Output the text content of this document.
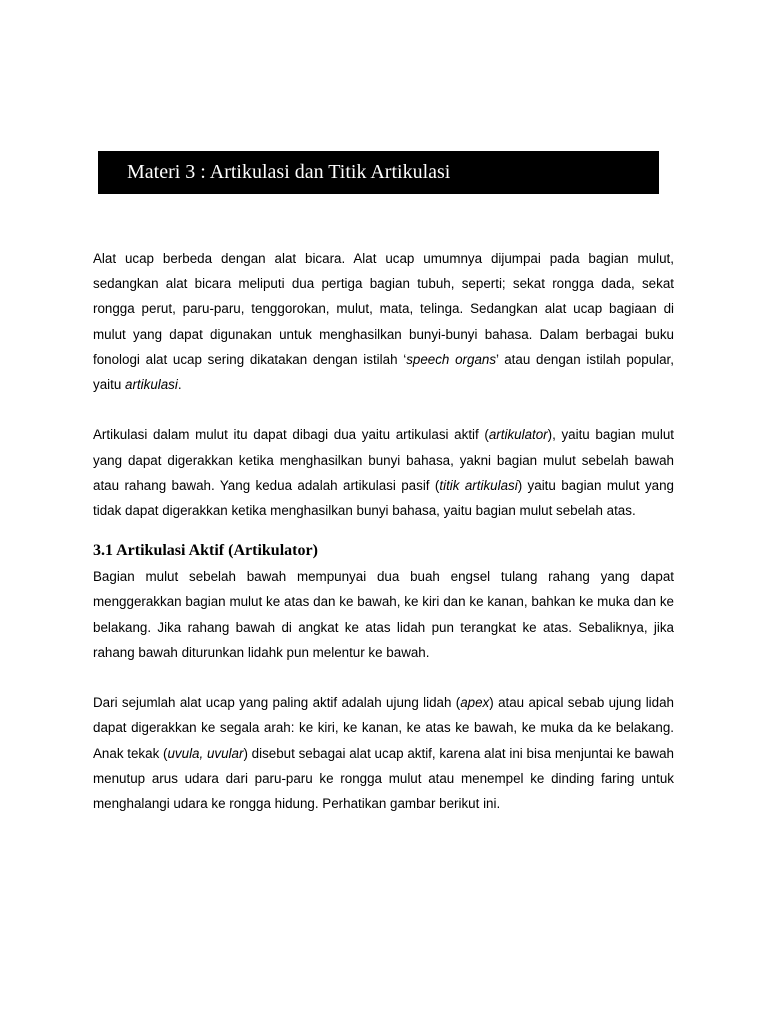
Materi 3 : Artikulasi dan Titik Artikulasi

Alat ucap berbeda dengan alat bicara. Alat ucap umumnya dijumpai pada bagian mulut, sedangkan alat bicara meliputi dua pertiga bagian tubuh, seperti; sekat rongga dada, sekat rongga perut, paru-paru, tenggorokan, mulut, mata, telinga. Sedangkan alat ucap bagiaan di mulut yang dapat digunakan untuk menghasilkan bunyi-bunyi bahasa. Dalam berbagai buku fonologi alat ucap sering dikatakan dengan istilah ‘speech organs’ atau dengan istilah popular, yaitu artikulasi.

Artikulasi dalam mulut itu dapat dibagi dua yaitu artikulasi aktif (artikulator), yaitu bagian mulut yang dapat digerakkan ketika menghasilkan bunyi bahasa, yakni bagian mulut sebelah bawah atau rahang bawah. Yang kedua adalah artikulasi pasif (titik artikulasi) yaitu bagian mulut yang tidak dapat digerakkan ketika menghasilkan bunyi bahasa, yaitu bagian mulut sebelah atas.

3.1 Artikulasi Aktif (Artikulator)

Bagian mulut sebelah bawah mempunyai dua buah engsel tulang rahang yang dapat menggerakkan bagian mulut ke atas dan ke bawah, ke kiri dan ke kanan, bahkan ke muka dan ke belakang. Jika rahang bawah di angkat ke atas lidah pun terangkat ke atas. Sebaliknya, jika rahang bawah diturunkan lidahk pun melentur ke bawah.

Dari sejumlah alat ucap yang paling aktif adalah ujung lidah (apex) atau apical sebab ujung lidah dapat digerakkan ke segala arah: ke kiri, ke kanan, ke atas ke bawah, ke muka da ke belakang. Anak tekak (uvula, uvular) disebut sebagai alat ucap aktif, karena alat ini bisa menjuntai ke bawah menutup arus udara dari paru-paru ke rongga mulut atau menempel ke dinding faring untuk menghalangi udara ke rongga hidung. Perhatikan gambar berikut ini.
